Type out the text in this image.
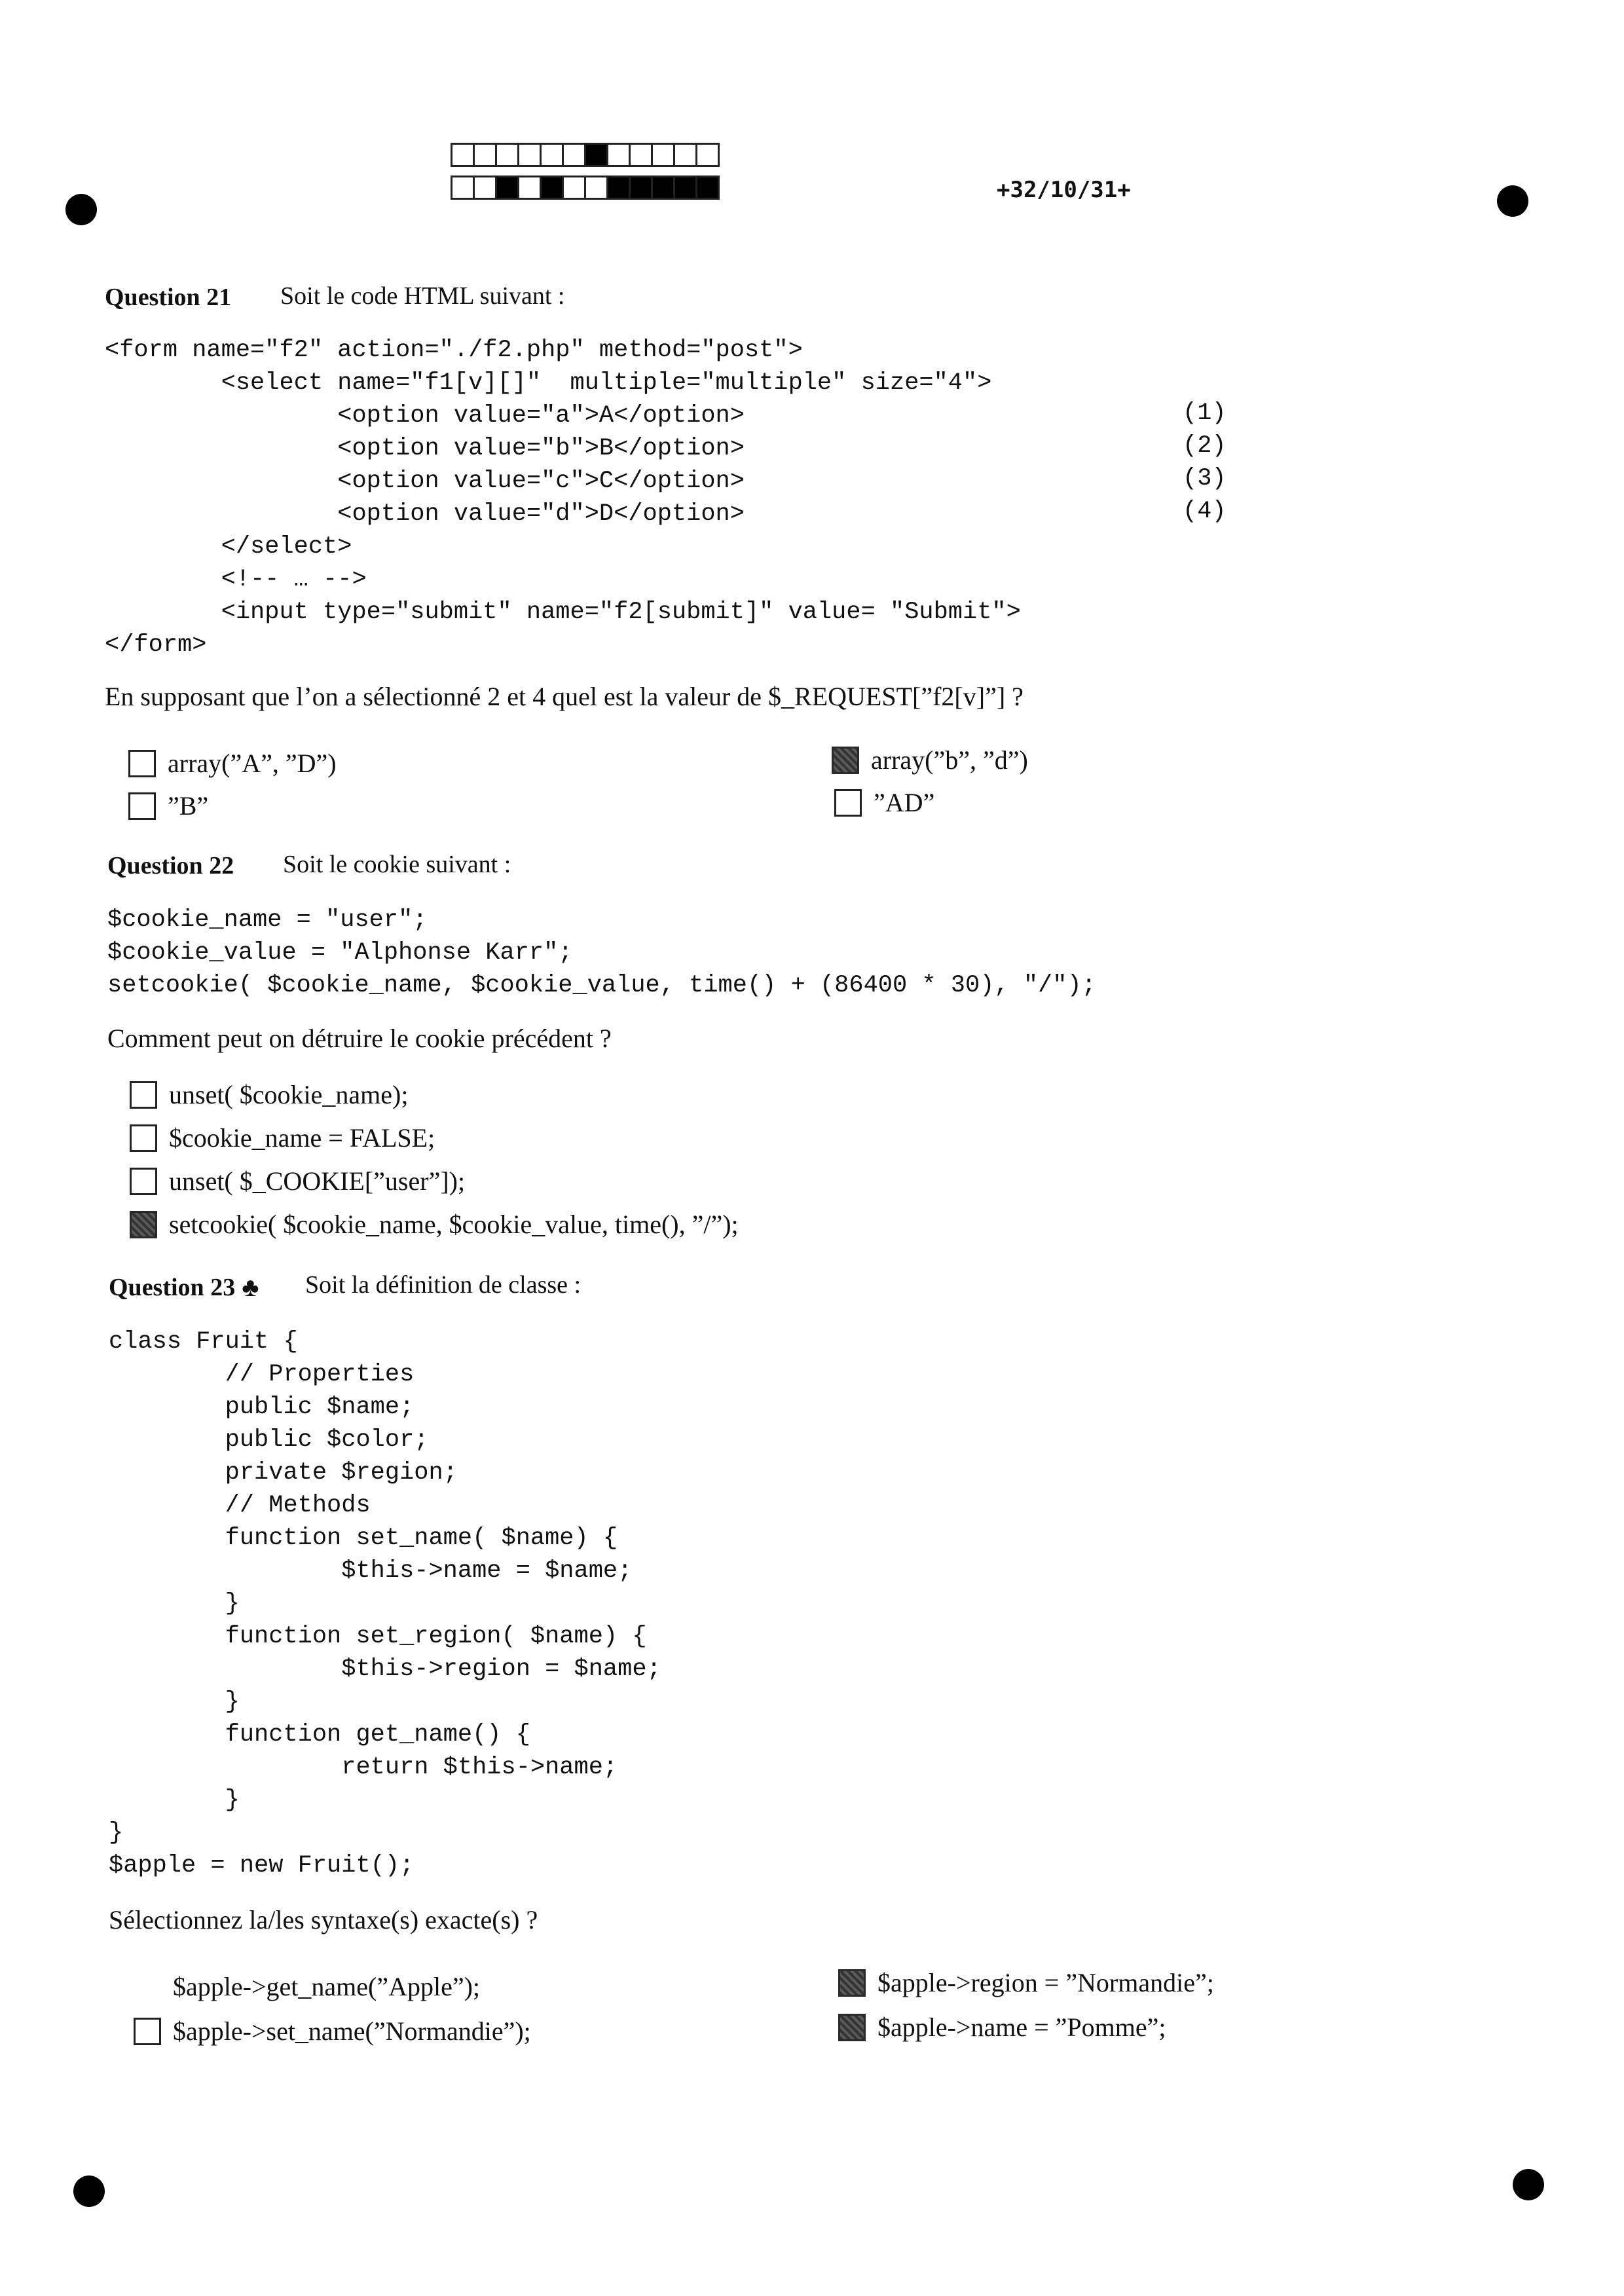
+32/10/31+
Question 21 Soit le code HTML suivant :
<form name="f2" action="./f2.php" method="post">
<select name="f1[v][]"  multiple="multiple" size="4">
<option value="a">A</option>
<option value="b">B</option>
<option value="c">C</option>
<option value="d">D</option>
</select>
<!-- … -->
<input type="submit" name="f2[submit]" value= "Submit">
</form>
(1)
(2)
(3)
(4)
En supposant que l’on a sélectionné 2 et 4 quel est la valeur de $_REQUEST[”f2[v]”] ?
array(”A”, ”D”)	array(”b”, ”d”)
”B”	”AD”
Question 22 Soit le cookie suivant :
$cookie_name = "user";
$cookie_value = "Alphonse Karr";
setcookie( $cookie_name, $cookie_value, time() + (86400 * 30), "/");
Comment peut on détruire le cookie précédent ?
unset( $cookie_name);
$cookie_name = FALSE;
unset( $_COOKIE[”user”]);
setcookie( $cookie_name, $cookie_value, time(), ”/”);
Question 23 ♣ Soit la définition de classe :
class Fruit {
// Properties
public $name;
public $color;
private $region;
// Methods
function set_name( $name) {
$this->name = $name;
}
function set_region( $name) {
$this->region = $name;
}
function get_name() {
return $this->name;
}
}
$apple = new Fruit();
Sélectionnez la/les syntaxe(s) exacte(s) ?
$apple->get_name(”Apple”);	$apple->region = ”Normandie”;
$apple->set_name(”Normandie”);	$apple->name = ”Pomme”;
